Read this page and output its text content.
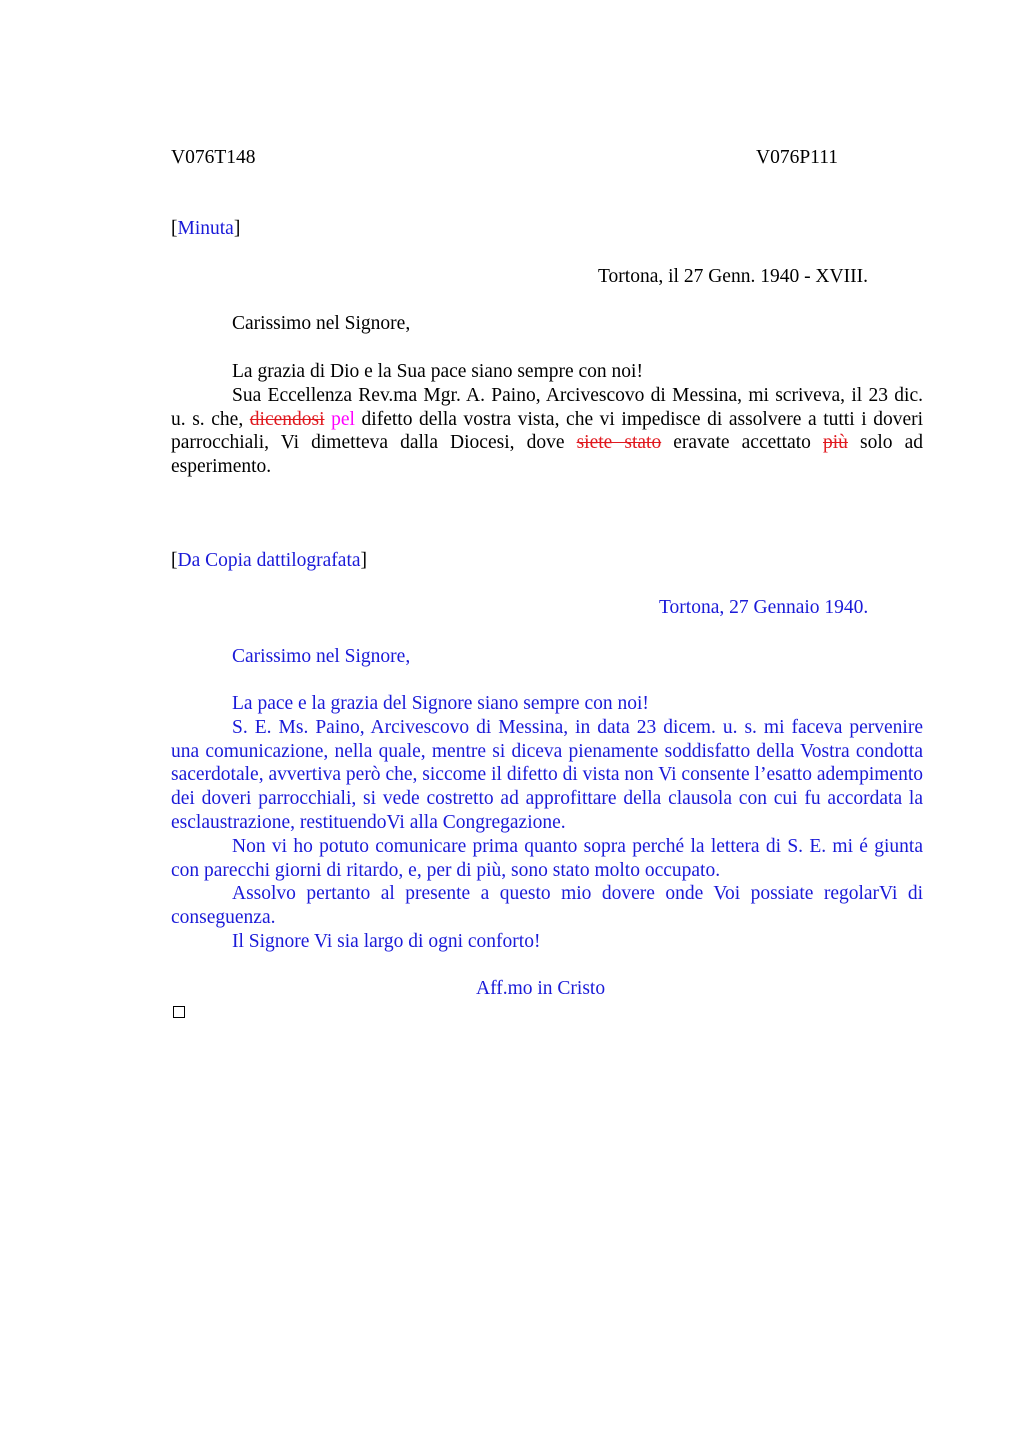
V076T148	V076P111
[Minuta]
Tortona, il 27 Genn. 1940 - XVIII.
Carissimo nel Signore,
La grazia di Dio e la Sua pace siano sempre con noi!
Sua Eccellenza Rev.ma Mgr. A. Paino, Arcivescovo di Messina, mi scriveva, il 23 dic. u. s. che, dicendosi pel difetto della vostra vista, che vi impedisce di assolvere a tutti i doveri parrocchiali, Vi dimetteva dalla Diocesi, dove siete stato eravate accettato più solo ad esperimento.
[Da Copia dattilografata]
Tortona, 27 Gennaio 1940.
Carissimo nel Signore,
La pace e la grazia del Signore siano sempre con noi!
S. E. Ms. Paino, Arcivescovo di Messina, in data 23 dicem. u. s. mi faceva pervenire una comunicazione, nella quale, mentre si diceva pienamente soddisfatto della Vostra condotta sacerdotale, avvertiva però che, siccome il difetto di vista non Vi consente l’esatto adempimento dei doveri parrocchiali, si vede costretto ad approfittare della clausola con cui fu accordata la esclaustrazione, restituendoVi alla Congregazione.
Non vi ho potuto comunicare prima quanto sopra perché la lettera di S. E. mi é giunta con parecchi giorni di ritardo, e, per di più, sono stato molto occupato.
Assolvo pertanto al presente a questo mio dovere onde Voi possiate regolarVi di conseguenza.
Il Signore Vi sia largo di ogni conforto!
Aff.mo in Cristo
